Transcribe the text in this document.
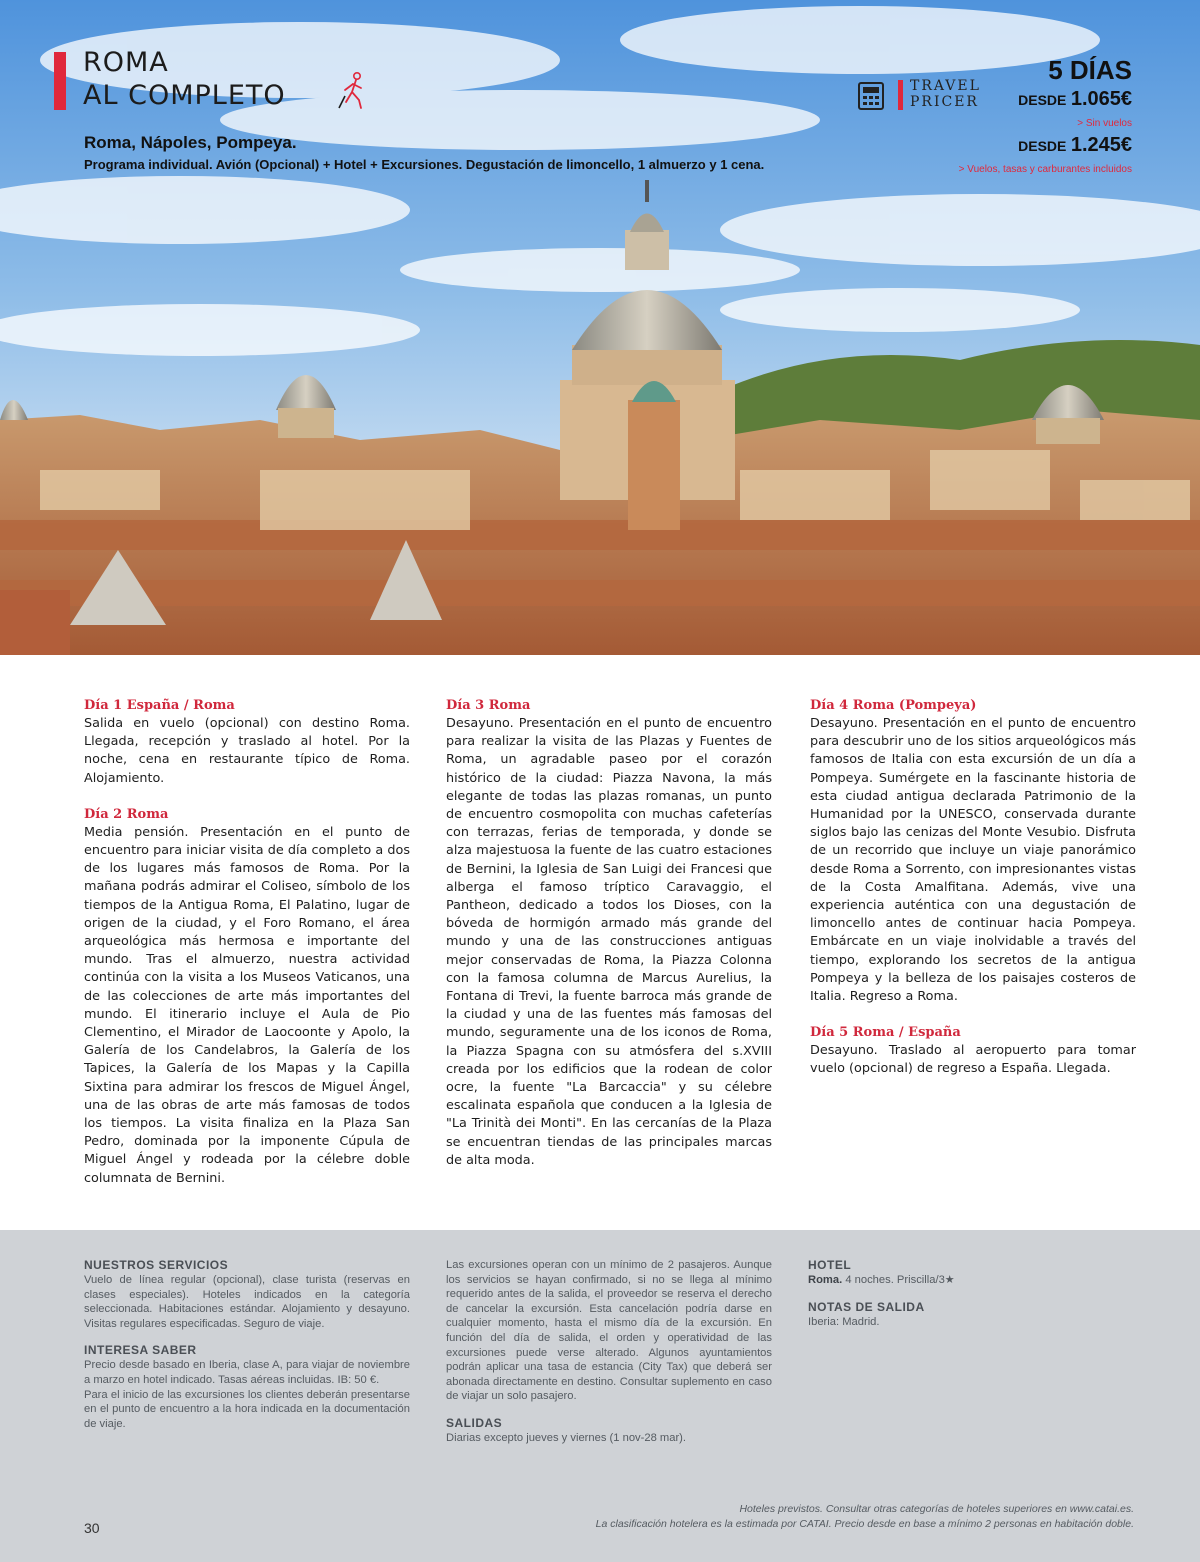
ROMA
AL COMPLETO

Roma, Nápoles, Pompeya.

Programa individual. Avión (Opcional) + Hotel + Excursiones. Degustación de limoncello, 1 almuerzo y 1 cena.

TRAVEL
PRICER
5 DÍAS
DESDE 1.065€
> Sin vuelos
DESDE 1.245€
> Vuelos, tasas y carburantes incluidos
Día 1 España / Roma

Salida en vuelo (opcional) con destino Roma. Llegada, recepción y traslado al hotel. Por la noche, cena en restaurante típico de Roma. Alojamiento.

Día 2 Roma

Media pensión. Presentación en el punto de encuentro para iniciar visita de día completo a dos de los lugares más famosos de Roma. Por la mañana podrás admirar el Coliseo, símbolo de los tiempos de la Antigua Roma, El Palatino, lugar de origen de la ciudad, y el Foro Romano, el área arqueológica más hermosa e importante del mundo. Tras el almuerzo, nuestra actividad continúa con la visita a los Museos Vaticanos, una de las colecciones de arte más importantes del mundo. El itinerario incluye el Aula de Pio Clementino, el Mirador de Laocoonte y Apolo, la Galería de los Candelabros, la Galería de los Tapices, la Galería de los Mapas y la Capilla Sixtina para admirar los frescos de Miguel Ángel, una de las obras de arte más famosas de todos los tiempos. La visita finaliza en la Plaza San Pedro, dominada por la imponente Cúpula de Miguel Ángel y rodeada por la célebre doble columnata de Bernini.

Día 3 Roma

Desayuno. Presentación en el punto de encuentro para realizar la visita de las Plazas y Fuentes de Roma, un agradable paseo por el corazón histórico de la ciudad: Piazza Navona, la más elegante de todas las plazas romanas, un punto de encuentro cosmopolita con muchas cafeterías con terrazas, ferias de temporada, y donde se alza majestuosa la fuente de las cuatro estaciones de Bernini, la Iglesia de San Luigi dei Francesi que alberga el famoso tríptico Caravaggio, el Pantheon, dedicado a todos los Dioses, con la bóveda de hormigón armado más grande del mundo y una de las construcciones antiguas mejor conservadas de Roma, la Piazza Colonna con la famosa columna de Marcus Aurelius, la Fontana di Trevi, la fuente barroca más grande de la ciudad y una de las fuentes más famosas del mundo, seguramente una de los iconos de Roma, la Piazza Spagna con su atmósfera del s.XVIII creada por los edificios que la rodean de color ocre, la fuente "La Barcaccia" y su célebre escalinata española que conducen a la Iglesia de "La Trinità dei Monti". En las cercanías de la Plaza se encuentran tiendas de las principales marcas de alta moda.

Día 4 Roma (Pompeya)

Desayuno. Presentación en el punto de encuentro para descubrir uno de los sitios arqueológicos más famosos de Italia con esta excursión de un día a Pompeya. Sumérgete en la fascinante historia de esta ciudad antigua declarada Patrimonio de la Humanidad por la UNESCO, conservada durante siglos bajo las cenizas del Monte Vesubio. Disfruta de un recorrido que incluye un viaje panorámico desde Roma a Sorrento, con impresionantes vistas de la Costa Amalfitana. Además, vive una experiencia auténtica con una degustación de limoncello antes de continuar hacia Pompeya. Embárcate en un viaje inolvidable a través del tiempo, explorando los secretos de la antigua Pompeya y la belleza de los paisajes costeros de Italia. Regreso a Roma.

Día 5 Roma / España

Desayuno. Traslado al aeropuerto para tomar vuelo (opcional) de regreso a España. Llegada.

NUESTROS SERVICIOS

Vuelo de línea regular (opcional), clase turista (reservas en clases especiales). Hoteles indicados en la categoría seleccionada. Habitaciones estándar. Alojamiento y desayuno. Visitas regulares especificadas. Seguro de viaje.

INTERESA SABER

Precio desde basado en Iberia, clase A, para viajar de noviembre a marzo en hotel indicado. Tasas aéreas incluidas. IB: 50 €.

Para el inicio de las excursiones los clientes deberán presentarse en el punto de encuentro a la hora indicada en la documentación de viaje.

Las excursiones operan con un mínimo de 2 pasajeros. Aunque los servicios se hayan confirmado, si no se llega al mínimo requerido antes de la salida, el proveedor se reserva el derecho de cancelar la excursión. Esta cancelación podría darse en cualquier momento, hasta el mismo día de la excursión. En función del día de salida, el orden y operatividad de las excursiones puede verse alterado. Algunos ayuntamientos podrán aplicar una tasa de estancia (City Tax) que deberá ser abonada directamente en destino. Consultar suplemento en caso de viajar un solo pasajero.

SALIDAS

Diarias excepto jueves y viernes (1 nov-28 mar).

HOTEL

Roma. 4 noches. Priscilla/3★

NOTAS DE SALIDA

Iberia: Madrid.

30
Hoteles previstos. Consultar otras categorías de hoteles superiores en www.catai.es.
La clasificación hotelera es la estimada por CATAI. Precio desde en base a mínimo 2 personas en habitación doble.
